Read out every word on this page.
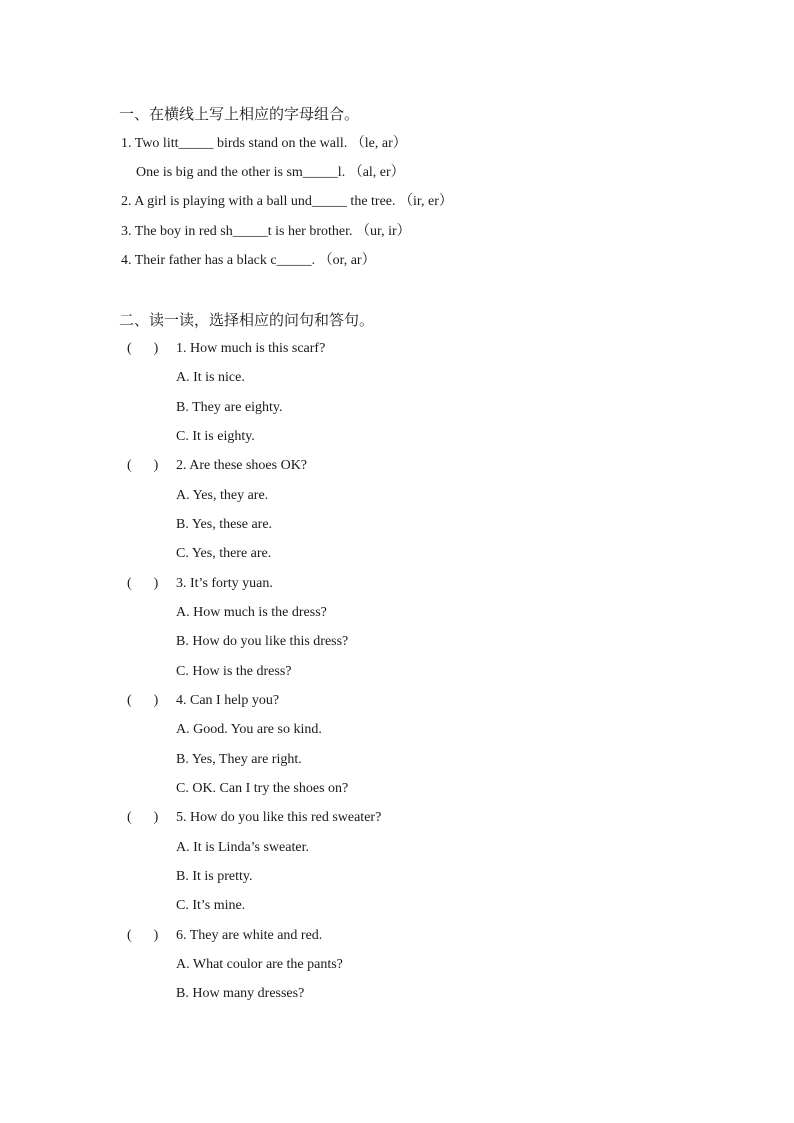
一、在横线上写上相应的字母组合。
1. Two litt_____ birds stand on the wall. （le, ar）
One is big and the other is sm_____l. （al, er）
2. A girl is playing with a ball und_____ the tree. （ir, er）
3. The boy in red sh_____t is her brother. （ur, ir）
4. Their father has a black c_____. （or, ar）
二、读一读，选择相应的问句和答句。
( ) 1. How much is this scarf?
A. It is nice.
B. They are eighty.
C. It is eighty.
( ) 2. Are these shoes OK?
A. Yes, they are.
B. Yes, these are.
C. Yes, there are.
( ) 3. It’s forty yuan.
A. How much is the dress?
B. How do you like this dress?
C. How is the dress?
( ) 4. Can I help you?
A. Good. You are so kind.
B. Yes, They are right.
C. OK. Can I try the shoes on?
( ) 5. How do you like this red sweater?
A. It is Linda’s sweater.
B. It is pretty.
C. It’s mine.
( ) 6. They are white and red.
A. What coulor are the pants?
B. How many dresses?
